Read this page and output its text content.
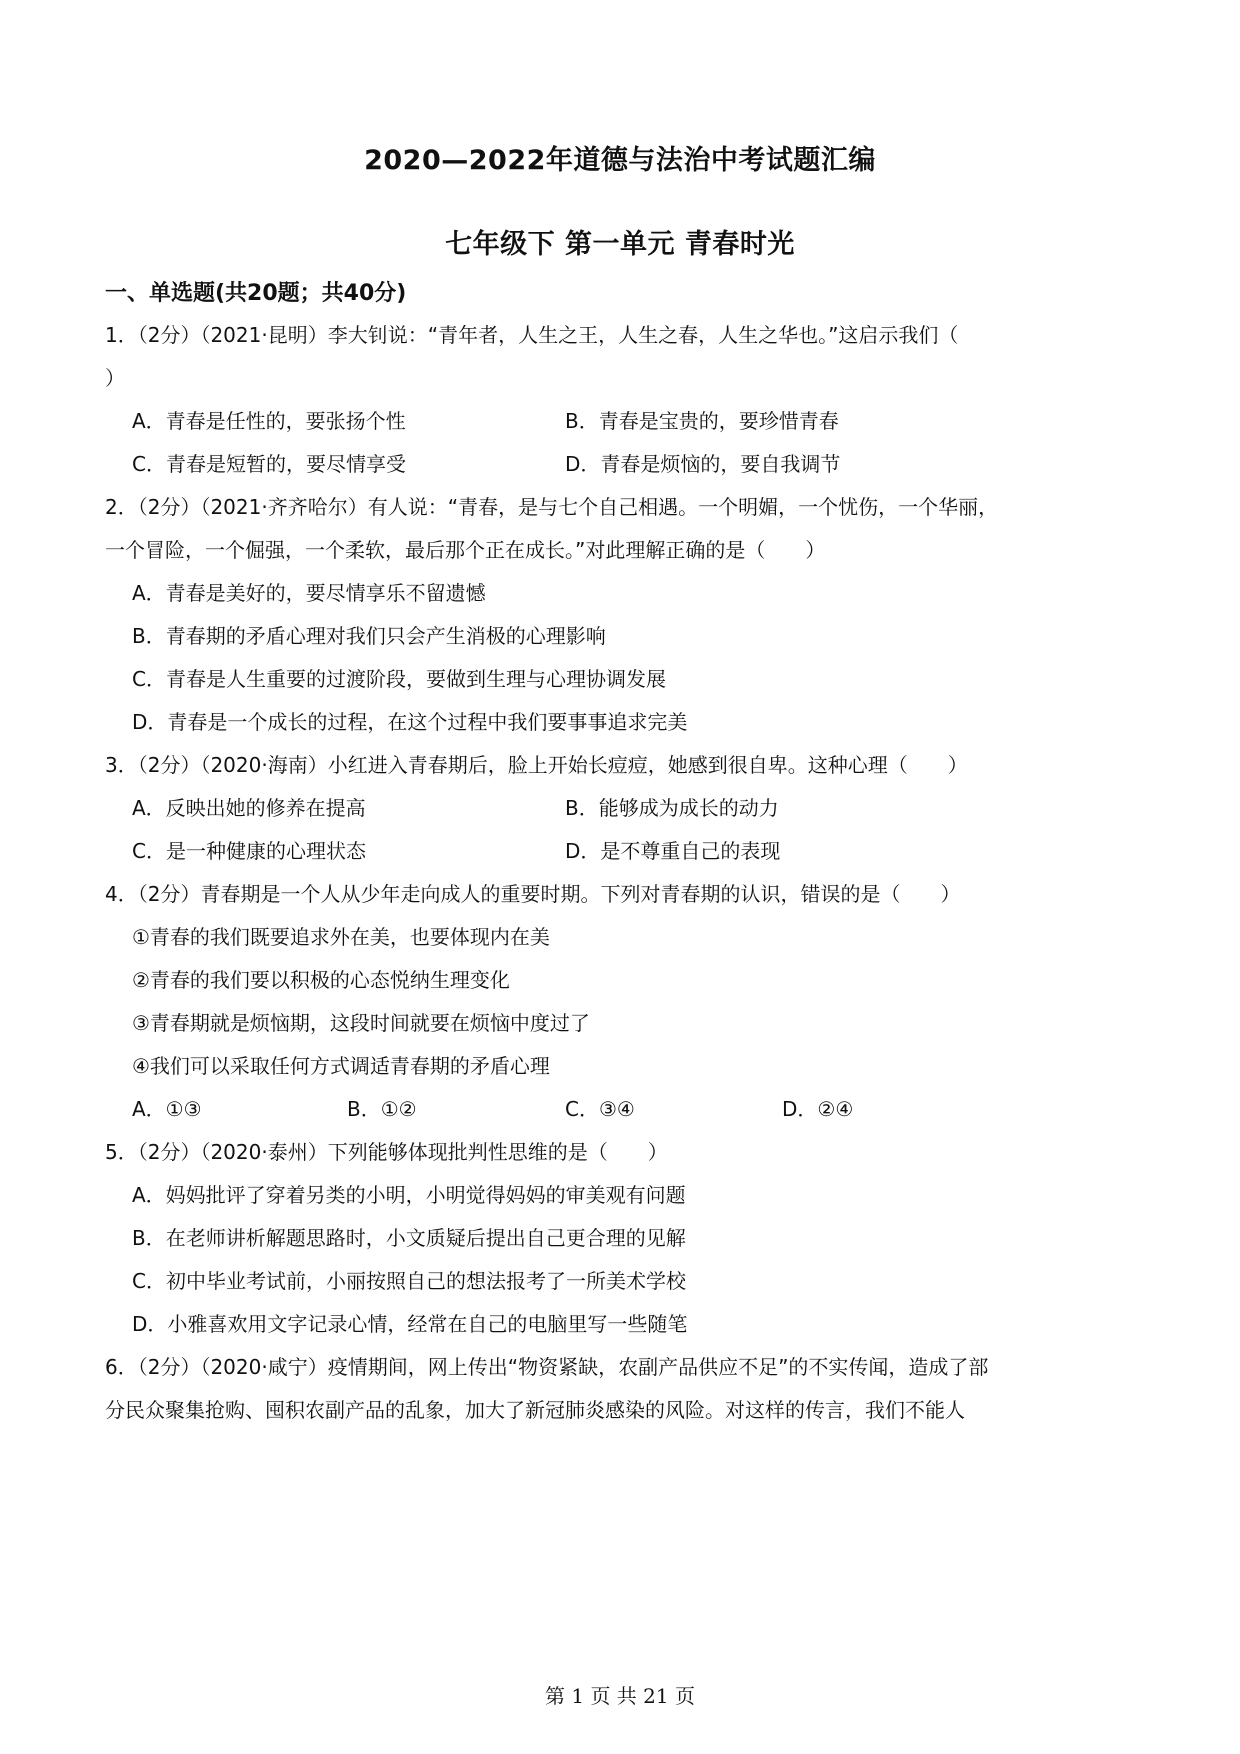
2020—2022年道德与法治中考试题汇编
七年级下 第一单元 青春时光
一、单选题(共20题；共40分)
1．（2分）（2021·昆明）李大钊说：“青年者，人生之王，人生之春，人生之华也。”这启示我们（
）
A．青春是任性的，要张扬个性	B．青春是宝贵的，要珍惜青春
C．青春是短暂的，要尽情享受	D．青春是烦恼的，要自我调节
2．（2分）（2021·齐齐哈尔）有人说：“青春，是与七个自己相遇。一个明媚，一个忧伤，一个华丽，
一个冒险，一个倔强，一个柔软，最后那个正在成长。”对此理解正确的是（　　）
A．青春是美好的，要尽情享乐不留遗憾
B．青春期的矛盾心理对我们只会产生消极的心理影响
C．青春是人生重要的过渡阶段，要做到生理与心理协调发展
D．青春是一个成长的过程，在这个过程中我们要事事追求完美
3．（2分）（2020·海南）小红进入青春期后，脸上开始长痘痘，她感到很自卑。这种心理（　　）
A．反映出她的修养在提高	B．能够成为成长的动力
C．是一种健康的心理状态	D．是不尊重自己的表现
4．（2分）青春期是一个人从少年走向成人的重要时期。下列对青春期的认识，错误的是（　　）
①青春的我们既要追求外在美，也要体现内在美
②青春的我们要以积极的心态悦纳生理变化
③青春期就是烦恼期，这段时间就要在烦恼中度过了
④我们可以采取任何方式调适青春期的矛盾心理
A．①③	B．①②	C．③④	D．②④
5．（2分）（2020·泰州）下列能够体现批判性思维的是（　　）
A．妈妈批评了穿着另类的小明，小明觉得妈妈的审美观有问题
B．在老师讲析解题思路时，小文质疑后提出自己更合理的见解
C．初中毕业考试前，小丽按照自己的想法报考了一所美术学校
D．小雅喜欢用文字记录心情，经常在自己的电脑里写一些随笔
6．（2分）（2020·咸宁）疫情期间，网上传出“物资紧缺，农副产品供应不足”的不实传闻，造成了部
分民众聚集抢购、囤积农副产品的乱象，加大了新冠肺炎感染的风险。对这样的传言，我们不能人
第 1 页 共 21 页
